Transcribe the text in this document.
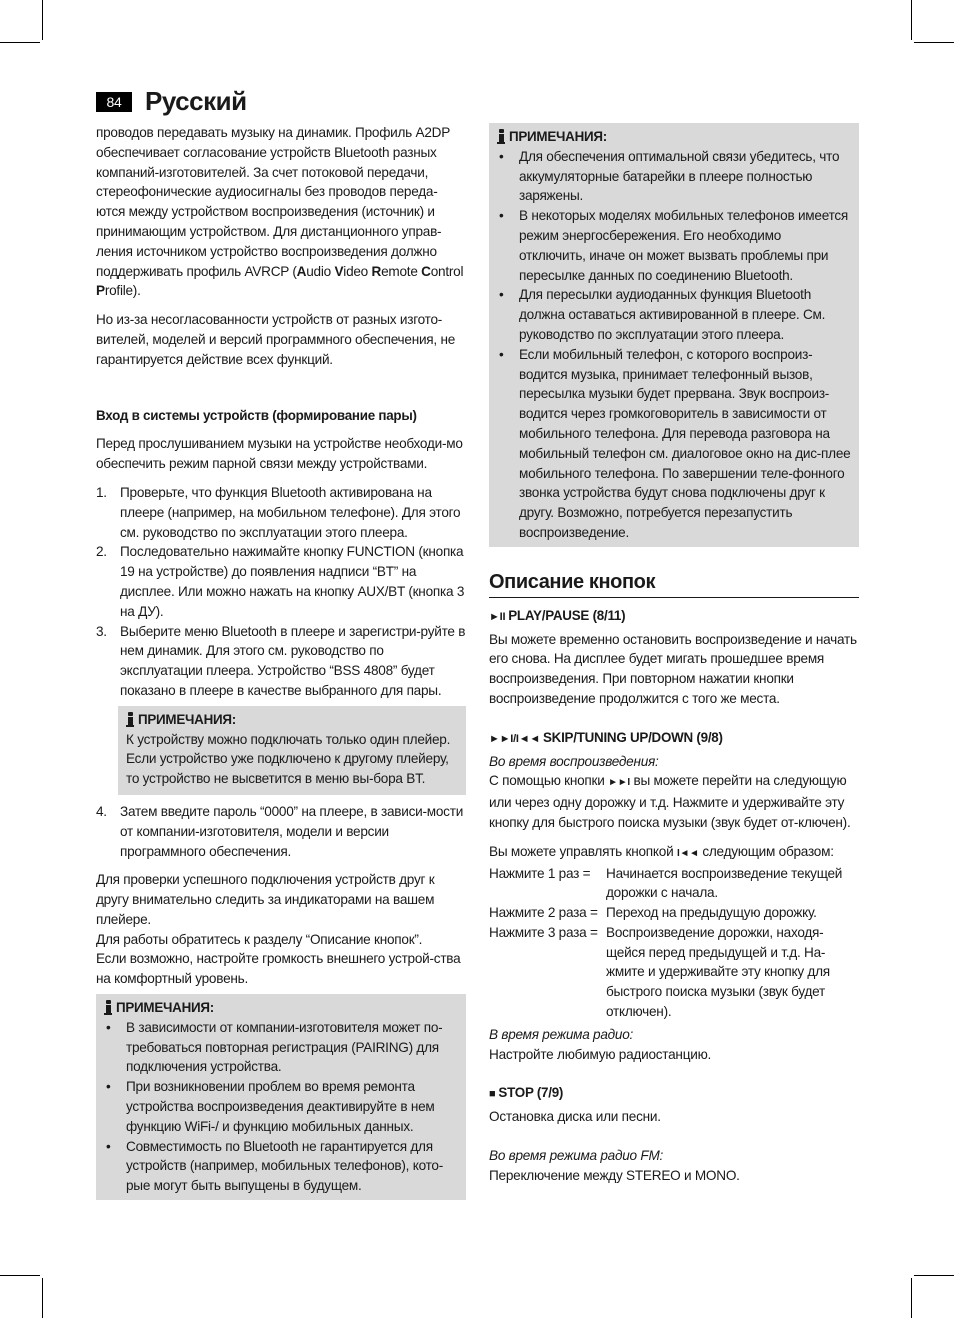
84 Русский

проводов передавать музыку на динамик. Профиль A2DP обеспечивает согласование устройств Bluetooth разных компаний-изготовителей. За счет потоковой передачи, стереофонические аудиосигналы без проводов переда-ются между устройством воспроизведения (источник) и принимающим устройством. Для дистанционного управ-ления источником устройство воспроизведения должно поддерживать профиль AVRCP (Audio Video Remote Control Profile).

Но из-за несогласованности устройств от разных изгото-вителей, моделей и версий программного обеспечения, не гарантируется действие всех функций.

Вход в системы устройств (формирование пары)

Перед прослушиванием музыки на устройстве необходи-мо обеспечить режим парной связи между устройствами.

1. Проверьте, что функция Bluetooth активирована на плеере (например, на мобильном телефоне). Для этого см. руководство по эксплуатации этого плеера.
2. Последовательно нажимайте кнопку FUNCTION (кнопка 19 на устройстве) до появления надписи “BT” на дисплее. Или можно нажать на кнопку AUX/BT (кнопка 3 на ДУ).
3. Выберите меню Bluetooth в плеере и зарегистри-руйте в нем динамик. Для этого см. руководство по эксплуатации плеера. Устройство “BSS 4808” будет показано в плеере в качестве выбранного для пары.
ПРИМЕЧАНИЯ:

К устройству можно подключать только один плейер. Если устройство уже подключено к другому плейеру, то устройство не высветится в меню вы-бора BT.

4. Затем введите пароль “0000” на плеере, в зависи-мости от компании-изготовителя, модели и версии программного обеспечения.

Для проверки успешного подключения устройств друг к другу внимательно следить за индикаторами на вашем плейере.

Для работы обратитесь к разделу “Описание кнопок”.

Если возможно, настройте громкость внешнего устрой-ства на комфортный уровень.

ПРИМЕЧАНИЯ:
• В зависимости от компании-изготовителя может по-требоваться повторная регистрация (PAIRING) для подключения устройства.
• При возникновении проблем во время ремонта устройства воспроизведения деактивируйте в нем функцию WiFi-/ и функцию мобильных данных.
• Совместимость по Bluetooth не гарантируется для устройств (например, мобильных телефонов), кото-рые могут быть выпущены в будущем.
ПРИМЕЧАНИЯ:
• Для обеспечения оптимальной связи убедитесь, что аккумуляторные батарейки в плеере полностью заряжены.
• В некоторых моделях мобильных телефонов имеется режим энергосбережения. Его необходимо отключить, иначе он может вызвать проблемы при пересылке данных по соединению Bluetooth.
• Для пересылки аудиоданных функция Bluetooth должна оставаться активированной в плеере. См. руководство по эксплуатации этого плеера.
• Если мобильный телефон, с которого воспроиз-водится музыка, принимает телефонный вызов, пересылка музыки будет прервана. Звук воспроиз-водится через громкоговоритель в зависимости от мобильного телефона. Для перевода разговора на мобильный телефон см. диалоговое окно на дис-плее мобильного телефона. По завершении теле-фонного звонка устройства будут снова подключены друг к другу. Возможно, потребуется перезапустить воспроизведение.
Описание кнопок
►II PLAY/PAUSE (8/11)

Вы можете временно остановить воспроизведение и начать его снова. На дисплее будет мигать прошедшее время воспроизведения. При повторном нажатии кнопки воспроизведение продолжится с того же места.

►►I/I◄◄ SKIP/TUNING UP/DOWN (9/8)

Во время воспроизведения:

С помощью кнопки ►►I вы можете перейти на следующую или через одну дорожку и т.д. Нажмите и удерживайте эту кнопку для быстрого поиска музыки (звук будет от-ключен).

Вы можете управлять кнопкой I◄◄ следующим образом:

Нажмите 1 раз =	Начинается воспроизведение текущей дорожки с начала.
Нажмите 2 раза = Переход на предыдущую дорожку.
Нажмите 3 раза = Воспроизведение дорожки, находя-щейся перед предыдущей и т.д. На-жмите и удерживайте эту кнопку для быстрого поиска музыки (звук будет отключен).

В время режима радио:

Настройте любимую радиостанцию.

■ STOP (7/9)

Остановка диска или песни.

Во время режима радио FM:

Переключение между STEREO и MONO.
